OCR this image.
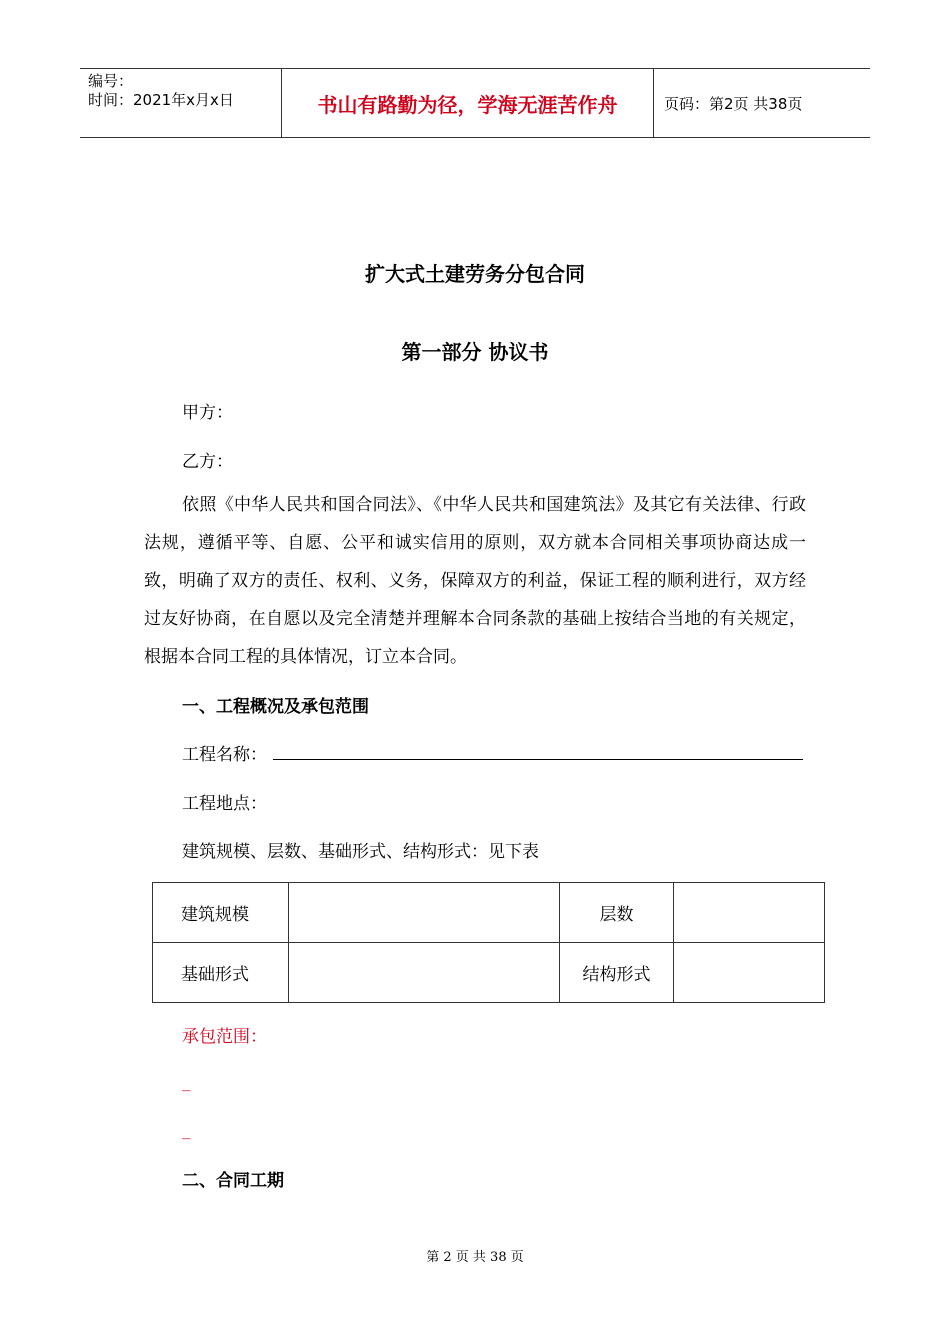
编号：
时间：2021年x月x日	书山有路勤为径，学海无涯苦作舟	页码：第2页 共38页
扩大式土建劳务分包合同
第一部分 协议书
甲方：
乙方：
依照《中华人民共和国合同法》、《中华人民共和国建筑法》及其它有关法律、行政法规，遵循平等、自愿、公平和诚实信用的原则，双方就本合同相关事项协商达成一致，明确了双方的责任、权利、义务，保障双方的利益，保证工程的顺利进行，双方经过友好协商，在自愿以及完全清楚并理解本合同条款的基础上按结合当地的有关规定，根据本合同工程的具体情况，订立本合同。
一、工程概况及承包范围
工程名称：
工程地点：
建筑规模、层数、基础形式、结构形式：见下表
建筑规模		层数	
基础形式		结构形式	
承包范围：
_
_
二、合同工期
第 2 页 共 38 页
